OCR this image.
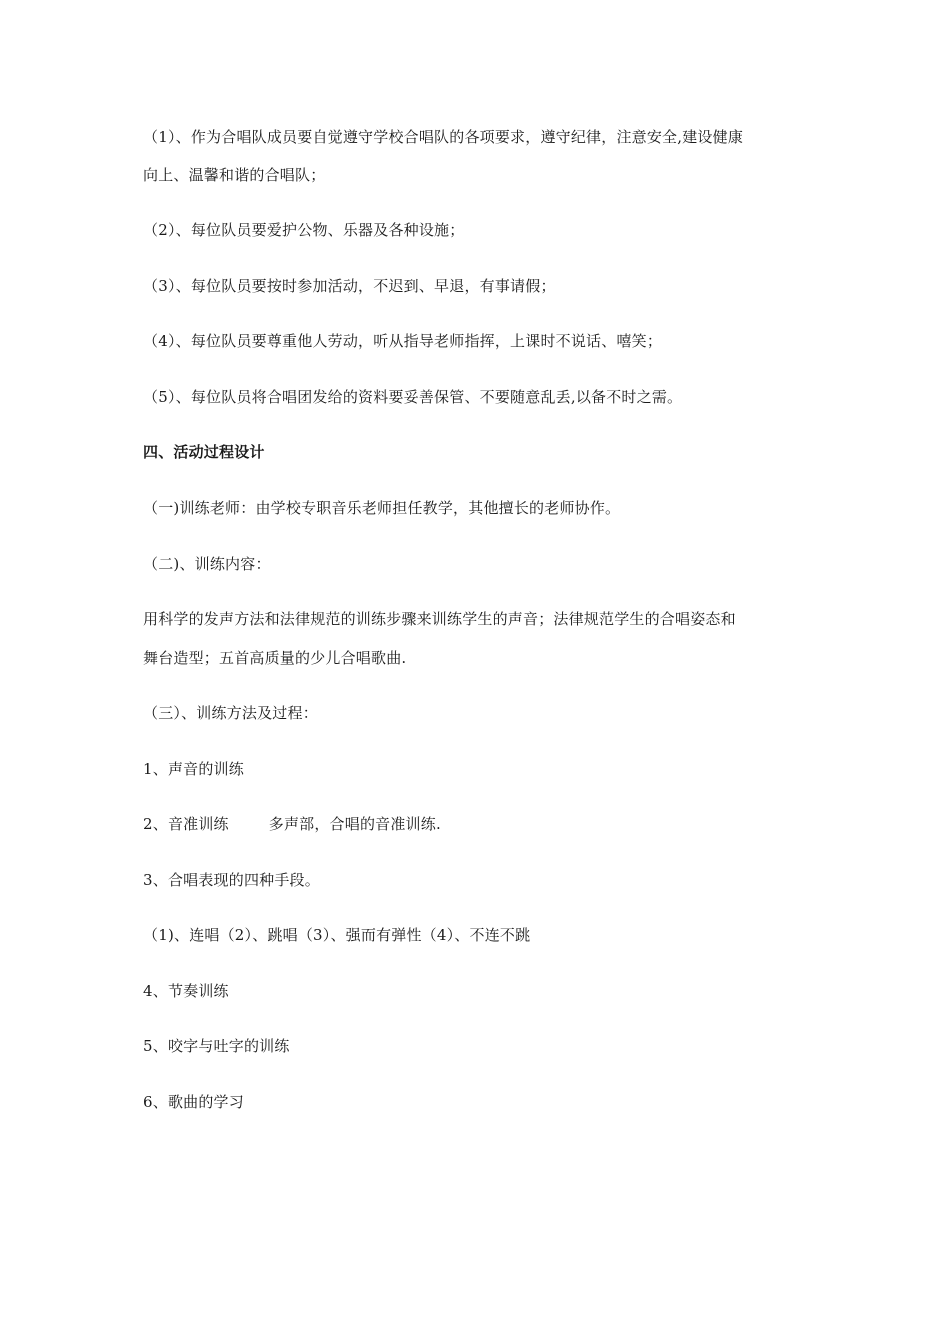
（1）、作为合唱队成员要自觉遵守学校合唱队的各项要求，遵守纪律，注意安全,建设健康
向上、温馨和谐的合唱队；
（2）、每位队员要爱护公物、乐器及各种设施；
（3）、每位队员要按时参加活动，不迟到、早退，有事请假；
（4）、每位队员要尊重他人劳动，听从指导老师指挥，上课时不说话、嘻笑；
（5）、每位队员将合唱团发给的资料要妥善保管、不要随意乱丢,以备不时之需。
四、活动过程设计
（一)训练老师：由学校专职音乐老师担任教学，其他擅长的老师协作。
（二)、训练内容：
用科学的发声方法和法律规范的训练步骤来训练学生的声音；法律规范学生的合唱姿态和
舞台造型；五首高质量的少儿合唱歌曲.
（三）、训练方法及过程：
1、声音的训练
2、音准训练	多声部，合唱的音准训练.
3、合唱表现的四种手段。
（1)、连唱（2）、跳唱（3）、强而有弹性（4）、不连不跳
4、节奏训练
5、咬字与吐字的训练
6、歌曲的学习
